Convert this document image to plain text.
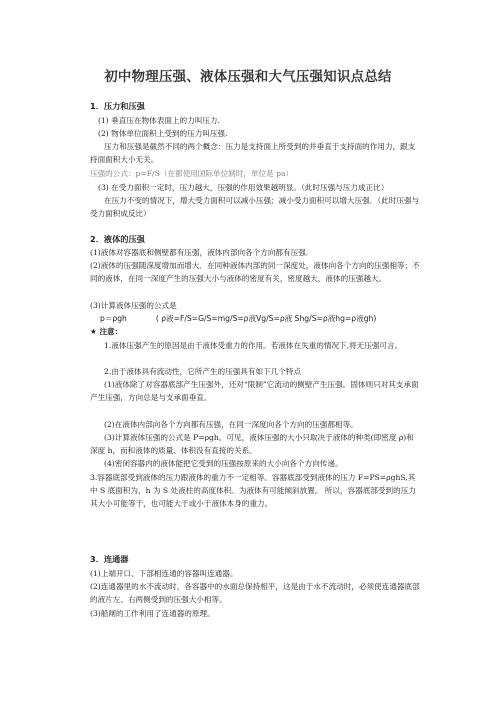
初中物理压强、液体压强和大气压强知识点总结

1．压力和压强

(1) 垂直压在物体表面上的力叫压力.

(2) 物体单位面积上受到的压力叫压强.

压力和压强是截然不同的两个概念：压力是支持面上所受到的并垂直于支持面的作用力，跟支持面面积大小无关。

压强的公式：p=F/S（在都使用国际单位制时，单位是 pa）

(3) 在受力面积一定时，压力越大，压强的作用效果越明显。（此时压强与压力成正比）

在压力不变的情况下，增大受力面积可以减小压强；减小受力面积可以增大压强．（此时压强与受力面积成反比）

2．液体的压强

(1)液体对容器底和侧壁都有压强，液体内部向各个方向都有压强.

(2)液体的压强随深度增加而增大．在同种液体内部的同一深度处，液体向各个方向的压强相等；不同的液体，在同一深度产生的压强大小与液体的密度有关，密度越大，液体的压强越大。

(3)计算液体压强的公式是

p＝ρgh            ( ρ液=F/S=G/S=mg/S=ρ液Vg/S=ρ液 Shg/S=ρ液hg=ρ液gh)

★ 注意：

1.液体压强产生的原因是由于液体受重力的作用。若液体在失重的情况下,将无压强可言。

2.由于液体具有流动性，它所产生的压强具有如下几个特点

(1)液体除了对容器底部产生压强外，还对“限制”它流动的侧壁产生压强。固体则只对其支承面产生压强，方向总是与支承面垂直。

(2)在液体内部向各个方向都有压强，在同一深度向各个方向的压强都相等。

(3)计算液体压强的公式是 P=ρgh。可见，液体压强的大小只取决于液体的种类(即密度 ρ)和深度 h，而和液体的质量、体积没有直接的关系。

(4)密闭容器内的液体能把它受到的压强按原来的大小向各个方向传递。

3.容器底部受到液体的压力跟液体的重力不一定相等。容器底部受到液体的压力 F=PS=ρghS,其中 S 底面积为，h 为 S 处液柱的高度体积。为液体有可能倾斜放置。 所以，容器底部受到的压力其大小可能等于，也可能大于或小于液体本身的重力。

3．连通器

(1)上端开口、下部相连通的容器叫连通器。

(2)连通器里的水不流动时，各容器中的水面总保持相平，这是由于水不流动时，必须使连通器底部的液片左、右两侧受到的压强大小相等。

(3)船闸的工作利用了连通器的原理。
